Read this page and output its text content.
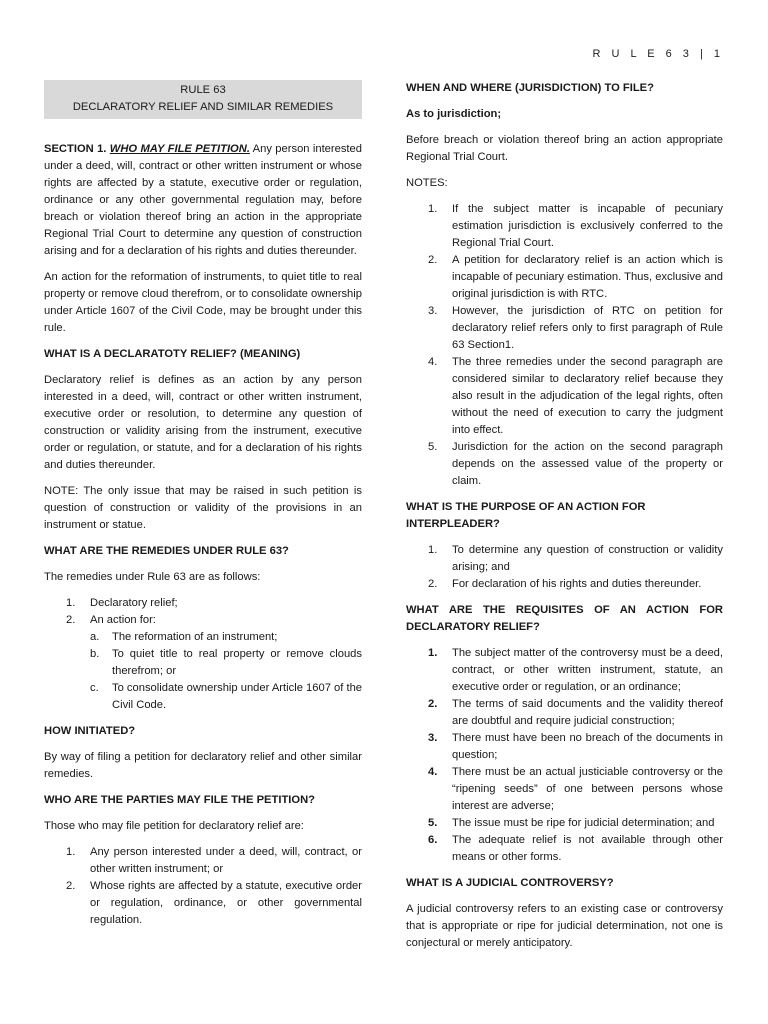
R U L E 6 3 | 1
RULE 63
DECLARATORY RELIEF AND SIMILAR REMEDIES

SECTION 1. WHO MAY FILE PETITION. Any person interested under a deed, will, contract or other written instrument or whose rights are affected by a statute, executive order or regulation, ordinance or any other governmental regulation may, before breach or violation thereof bring an action in the appropriate Regional Trial Court to determine any question of construction arising and for a declaration of his rights and duties thereunder.

An action for the reformation of instruments, to quiet title to real property or remove cloud therefrom, or to consolidate ownership under Article 1607 of the Civil Code, may be brought under this rule.

WHAT IS A DECLARATOTY RELIEF? (MEANING)

Declaratory relief is defines as an action by any person interested in a deed, will, contract or other written instrument, executive order or resolution, to determine any question of construction or validity arising from the instrument, executive order or regulation, or statute, and for a declaration of his rights and duties thereunder.

NOTE: The only issue that may be raised in such petition is question of construction or validity of the provisions in an instrument or statue.

WHAT ARE THE REMEDIES UNDER RULE 63?

The remedies under Rule 63 are as follows:

1. Declaratory relief;
2. An action for:
a. The reformation of an instrument;
b. To quiet title to real property or remove clouds therefrom; or
c. To consolidate ownership under Article 1607 of the Civil Code.
HOW INITIATED?

By way of filing a petition for declaratory relief and other similar remedies.

WHO ARE THE PARTIES MAY FILE THE PETITION?

Those who may file petition for declaratory relief are:

1. Any person interested under a deed, will, contract, or other written instrument; or
2. Whose rights are affected by a statute, executive order or regulation, ordinance, or other governmental regulation.
WHEN AND WHERE (JURISDICTION) TO FILE?
As to jurisdiction;

Before breach or violation thereof bring an action appropriate Regional Trial Court.

NOTES:

1. If the subject matter is incapable of pecuniary estimation jurisdiction is exclusively conferred to the Regional Trial Court.
2. A petition for declaratory relief is an action which is incapable of pecuniary estimation. Thus, exclusive and original jurisdiction is with RTC.
3. However, the jurisdiction of RTC on petition for declaratory relief refers only to first paragraph of Rule 63 Section1.
4. The three remedies under the second paragraph are considered similar to declaratory relief because they also result in the adjudication of the legal rights, often without the need of execution to carry the judgment into effect.
5. Jurisdiction for the action on the second paragraph depends on the assessed value of the property or claim.
WHAT IS THE PURPOSE OF AN ACTION FOR INTERPLEADER?
1. To determine any question of construction or validity arising; and
2. For declaration of his rights and duties thereunder.
WHAT ARE THE REQUISITES OF AN ACTION FOR DECLARATORY RELIEF?
1. The subject matter of the controversy must be a deed, contract, or other written instrument, statute, an executive order or regulation, or an ordinance;
2. The terms of said documents and the validity thereof are doubtful and require judicial construction;
3. There must have been no breach of the documents in question;
4. There must be an actual justiciable controversy or the “ripening seeds” of one between persons whose interest are adverse;
5. The issue must be ripe for judicial determination; and
6. The adequate relief is not available through other means or other forms.
WHAT IS A JUDICIAL CONTROVERSY?

A judicial controversy refers to an existing case or controversy that is appropriate or ripe for judicial determination, not one is conjectural or merely anticipatory.
